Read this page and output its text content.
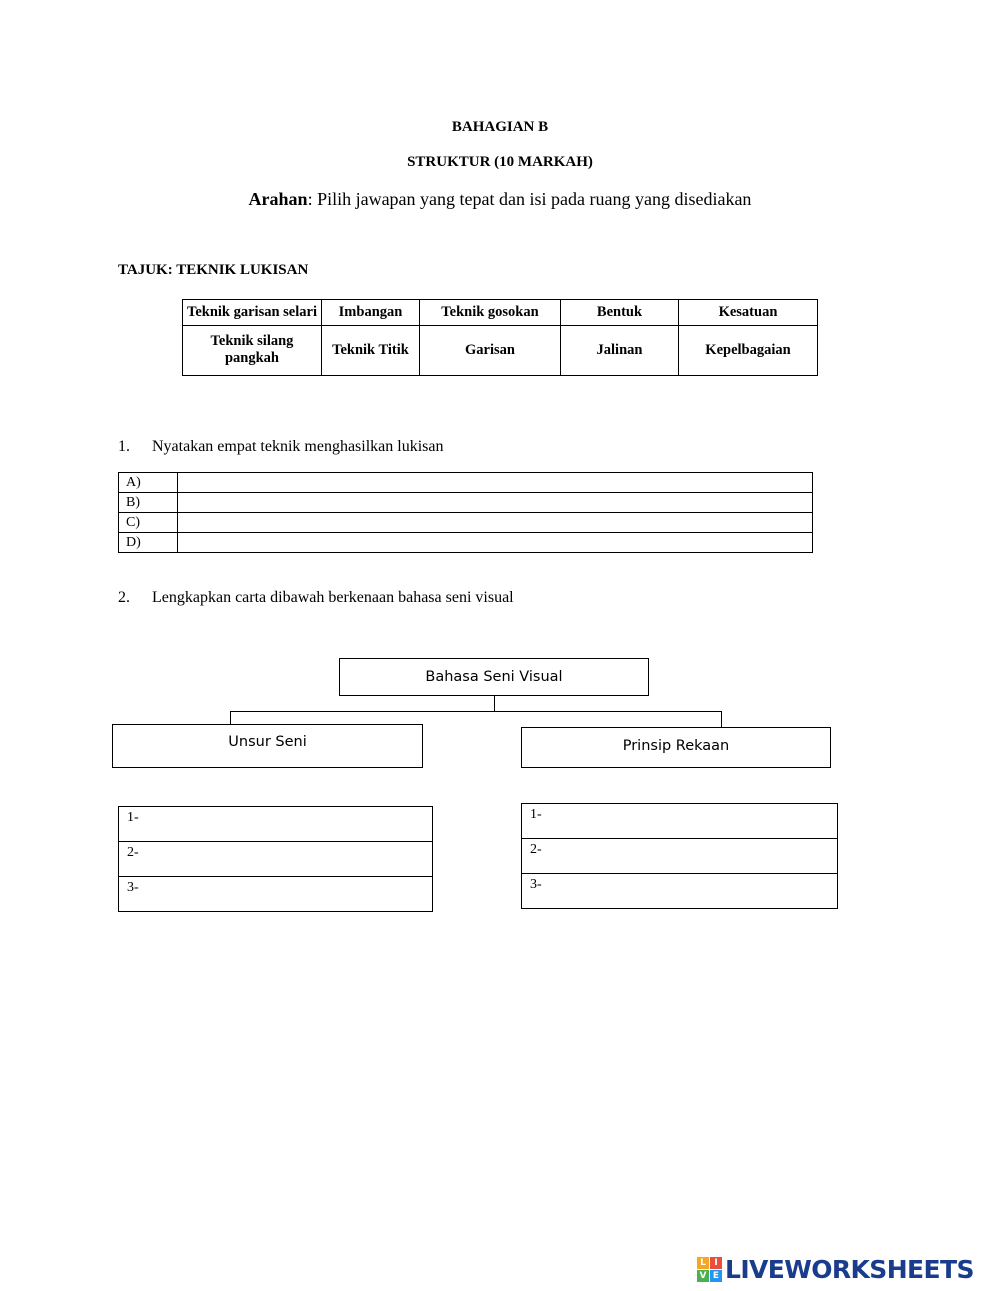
BAHAGIAN B
STRUKTUR (10 MARKAH)
Arahan: Pilih jawapan yang tepat dan isi pada ruang yang disediakan
TAJUK: TEKNIK LUKISAN
Teknik garisan selari	Imbangan	Teknik gosokan	Bentuk	Kesatuan
Teknik silang pangkah	Teknik Titik	Garisan	Jalinan	Kepelbagaian
1. Nyatakan empat teknik menghasilkan lukisan
A)	
B)	
C)	
D)	
2. Lengkapkan carta dibawah berkenaan bahasa seni visual
Bahasa Seni Visual
Unsur Seni	Prinsip Rekaan
1-
2-
3-
1-
2-
3-
L I
V E LIVEWORKSHEETS
